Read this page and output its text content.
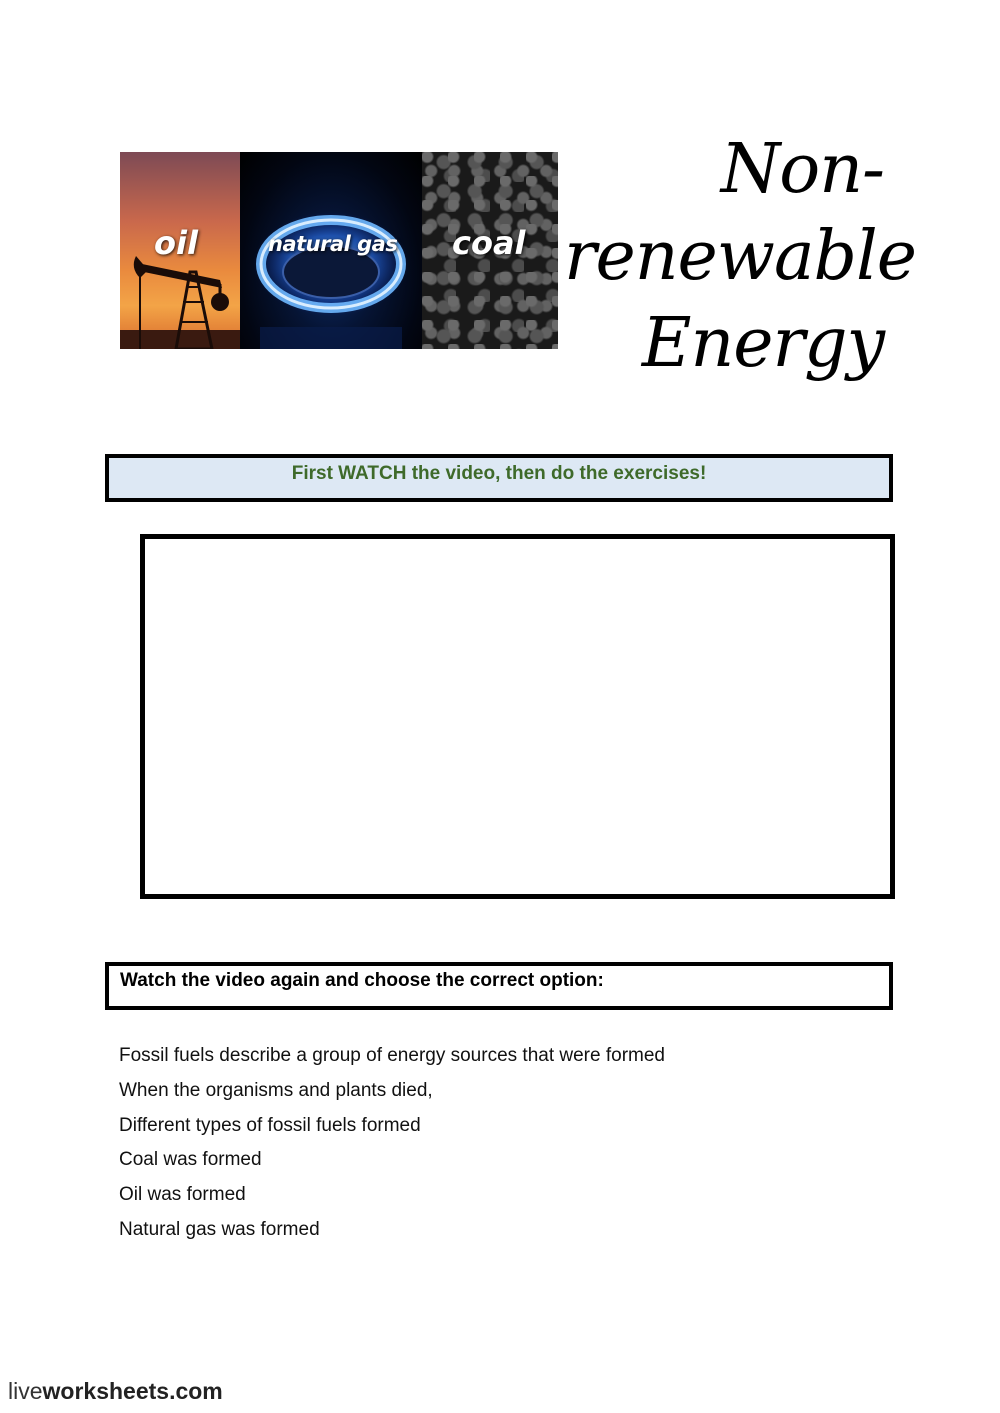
oil	natural gas coal
Non-
renewable
Energy
First WATCH the video, then do the exercises!
Watch the video again and choose the correct option:
Fossil fuels describe a group of energy sources that were formed
When the organisms and plants died,
Different types of fossil fuels formed
Coal was formed
Oil was formed
Natural gas was formed
liveworksheets.com
